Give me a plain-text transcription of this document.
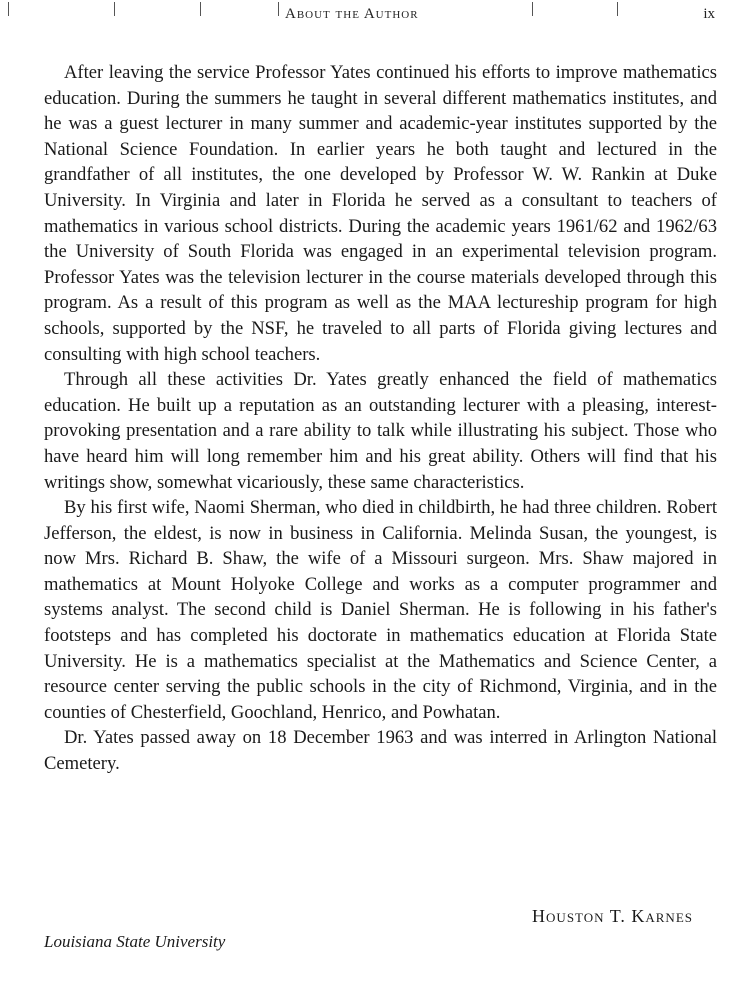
About the Author	ix

After leaving the service Professor Yates continued his efforts to improve mathematics education. During the summers he taught in several different mathematics institutes, and he was a guest lecturer in many summer and academic-year institutes supported by the National Science Foundation. In earlier years he both taught and lectured in the grandfather of all institutes, the one developed by Professor W. W. Rankin at Duke University. In Virginia and later in Florida he served as a consultant to teachers of mathematics in various school districts. During the academic years 1961/62 and 1962/63 the University of South Florida was engaged in an experimental television program. Professor Yates was the television lecturer in the course materials developed through this program. As a result of this program as well as the MAA lectureship program for high schools, supported by the NSF, he traveled to all parts of Florida giving lectures and consulting with high school teachers.

Through all these activities Dr. Yates greatly enhanced the field of mathematics education. He built up a reputation as an outstanding lecturer with a pleasing, interest-provoking presentation and a rare ability to talk while illustrating his subject. Those who have heard him will long remember him and his great ability. Others will find that his writings show, somewhat vicariously, these same characteristics.

By his first wife, Naomi Sherman, who died in childbirth, he had three children. Robert Jefferson, the eldest, is now in business in California. Melinda Susan, the youngest, is now Mrs. Richard B. Shaw, the wife of a Missouri surgeon. Mrs. Shaw majored in mathematics at Mount Holyoke College and works as a computer programmer and systems analyst. The second child is Daniel Sherman. He is following in his father's footsteps and has completed his doctorate in mathematics education at Florida State University. He is a mathematics specialist at the Mathematics and Science Center, a resource center serving the public schools in the city of Richmond, Virginia, and in the counties of Chesterfield, Goochland, Henrico, and Powhatan.

Dr. Yates passed away on 18 December 1963 and was interred in Arlington National Cemetery.

Houston T. Karnes
Louisiana State University
